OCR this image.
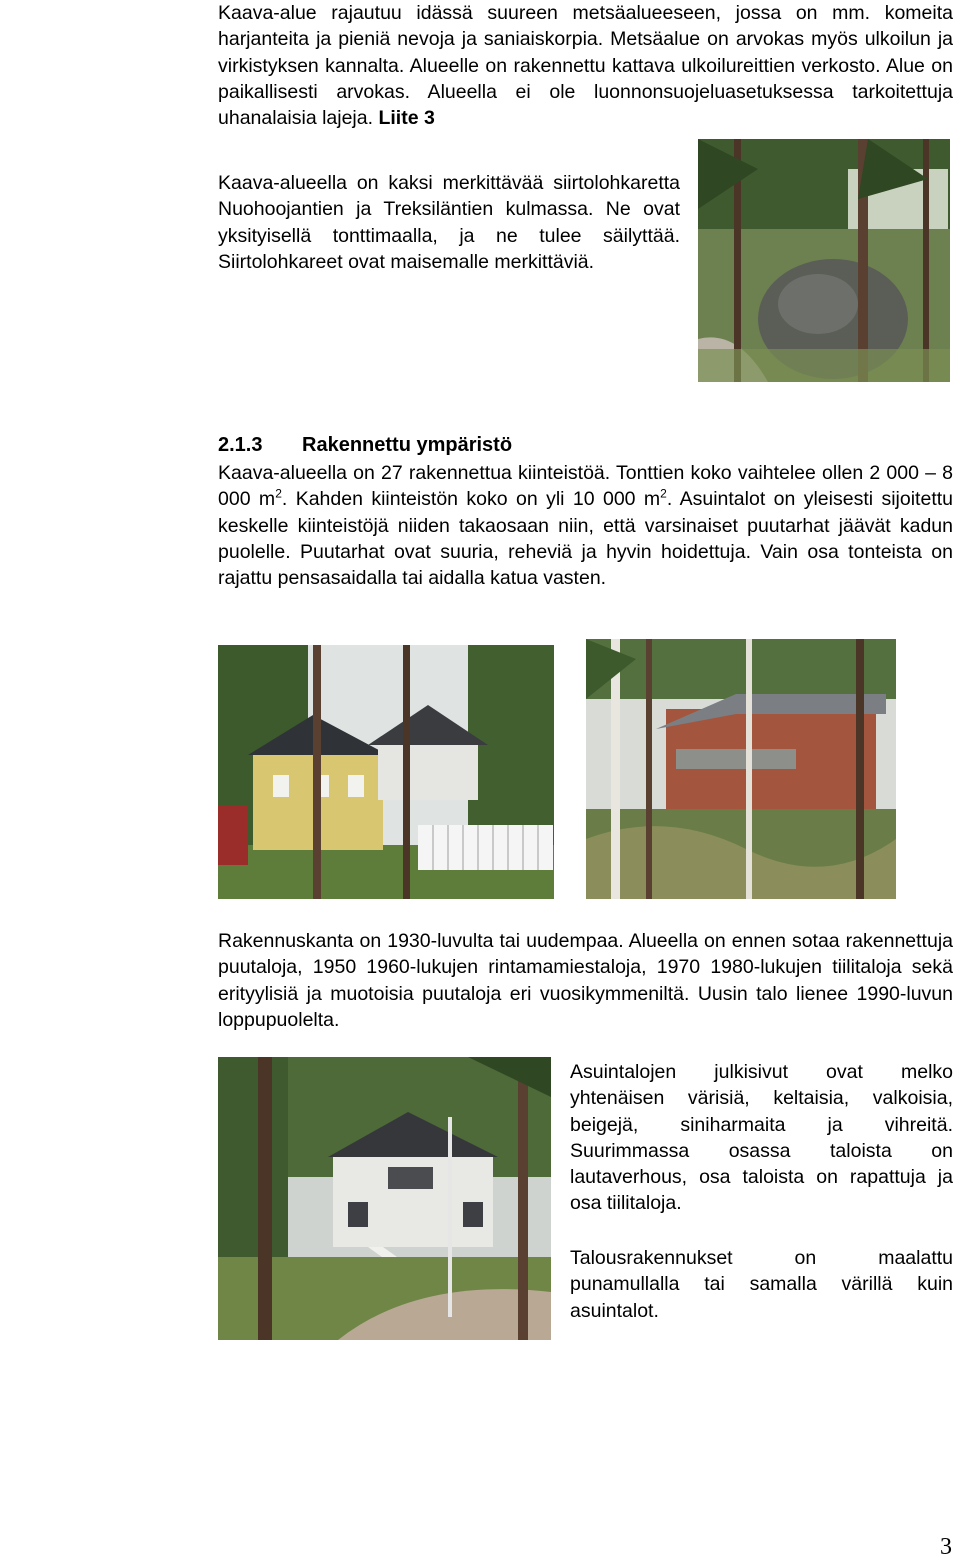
Kaava-alue rajautuu idässä suureen metsäalueeseen, jossa on mm. komeita harjanteita ja pieniä nevoja ja saniaiskorpia. Metsäalue on arvokas myös ulkoilun ja virkistyksen kannalta. Alueelle on rakennettu kattava ulkoilureittien verkosto. Alue on paikallisesti arvokas. Alueella ei ole luonnonsuojeluasetuksessa tarkoitettuja uhanalaisia lajeja. Liite 3

Kaava-alueella on kaksi merkittävää siirtolohkaretta Nuohoojantien ja Treksiläntien kulmassa. Ne ovat yksityisellä tonttimaalla, ja ne tulee säilyttää. Siirtolohkareet ovat maisemalle merkittäviä.

2.1.3 Rakennettu ympäristö

Kaava-alueella on 27 rakennettua kiinteistöä. Tonttien koko vaihtelee ollen 2 000 – 8 000 $m^2$. Kahden kiinteistön koko on yli 10 000 $m^2$. Asuintalot on yleisesti sijoitettu keskelle kiinteistöjä niiden takaosaan niin, että varsinaiset puutarhat jäävät kadun puolelle. Puutarhat ovat suuria, reheviä ja hyvin hoidettuja. Vain osa tonteista on rajattu pensasaidalla tai aidalla katua vasten.

Rakennuskanta on 1930-luvulta tai uudempaa. Alueella on ennen sotaa rakennettuja puutaloja, 1950 1960-lukujen rintamamiestaloja, 1970 1980-lukujen tiilitaloja sekä erityylisiä ja muotoisia puutaloja eri vuosikymmeniltä. Uusin talo lienee 1990-luvun loppupuolelta.

Asuintalojen julkisivut ovat melko yhtenäisen värisiä, keltaisia, valkoisia, beigejä, siniharmaita ja vihreitä. Suurimmassa osassa taloista on lautaverhous, osa taloista on rapattuja ja osa tiilitaloja.

Talousrakennukset on maalattu punamullalla tai samalla värillä kuin asuintalot.

3
